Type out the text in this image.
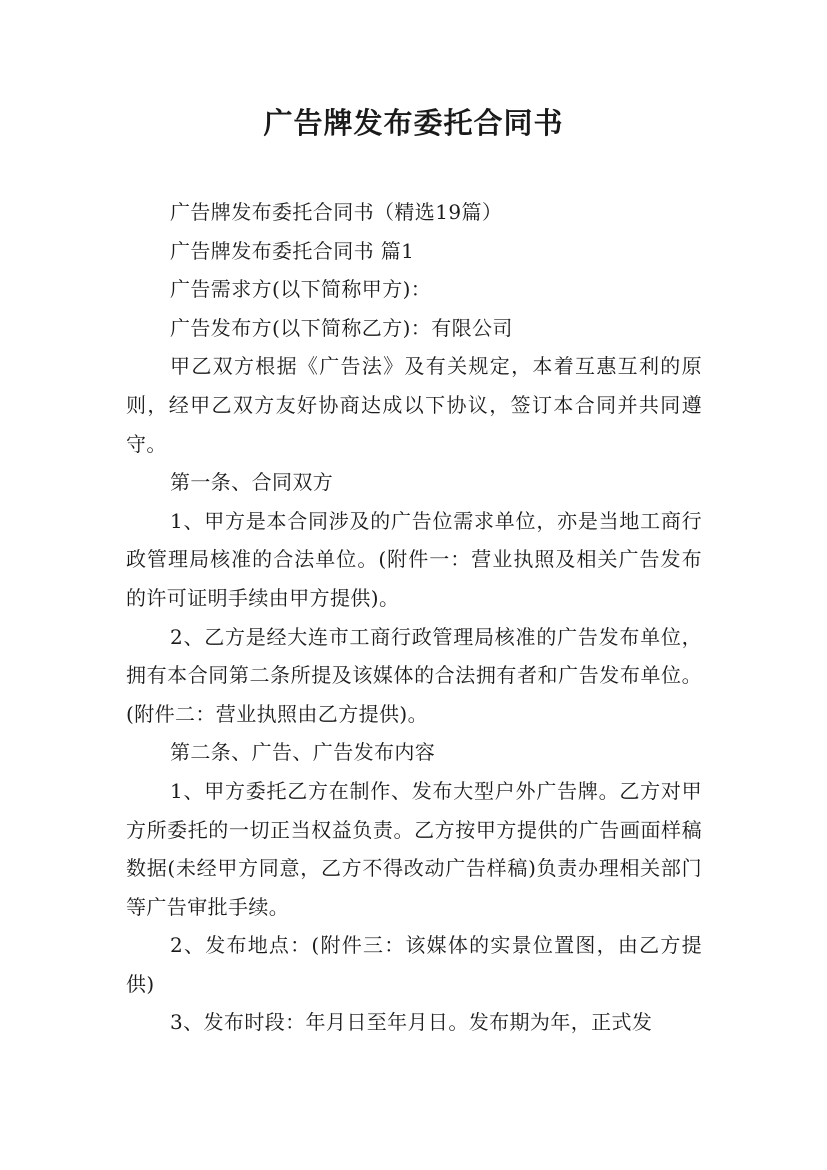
广告牌发布委托合同书

广告牌发布委托合同书（精选19篇）

广告牌发布委托合同书 篇1

广告需求方(以下简称甲方)：

广告发布方(以下简称乙方)：有限公司

甲乙双方根据《广告法》及有关规定，本着互惠互利的原则，经甲乙双方友好协商达成以下协议，签订本合同并共同遵守。

第一条、合同双方

1、甲方是本合同涉及的广告位需求单位，亦是当地工商行政管理局核准的合法单位。(附件一：营业执照及相关广告发布的许可证明手续由甲方提供)。

2、乙方是经大连市工商行政管理局核准的广告发布单位，拥有本合同第二条所提及该媒体的合法拥有者和广告发布单位。(附件二：营业执照由乙方提供)。

第二条、广告、广告发布内容

1、甲方委托乙方在制作、发布大型户外广告牌。乙方对甲方所委托的一切正当权益负责。乙方按甲方提供的广告画面样稿数据(未经甲方同意，乙方不得改动广告样稿)负责办理相关部门等广告审批手续。

2、发布地点：(附件三：该媒体的实景位置图，由乙方提供)

3、发布时段：年月日至年月日。发布期为年，正式发
